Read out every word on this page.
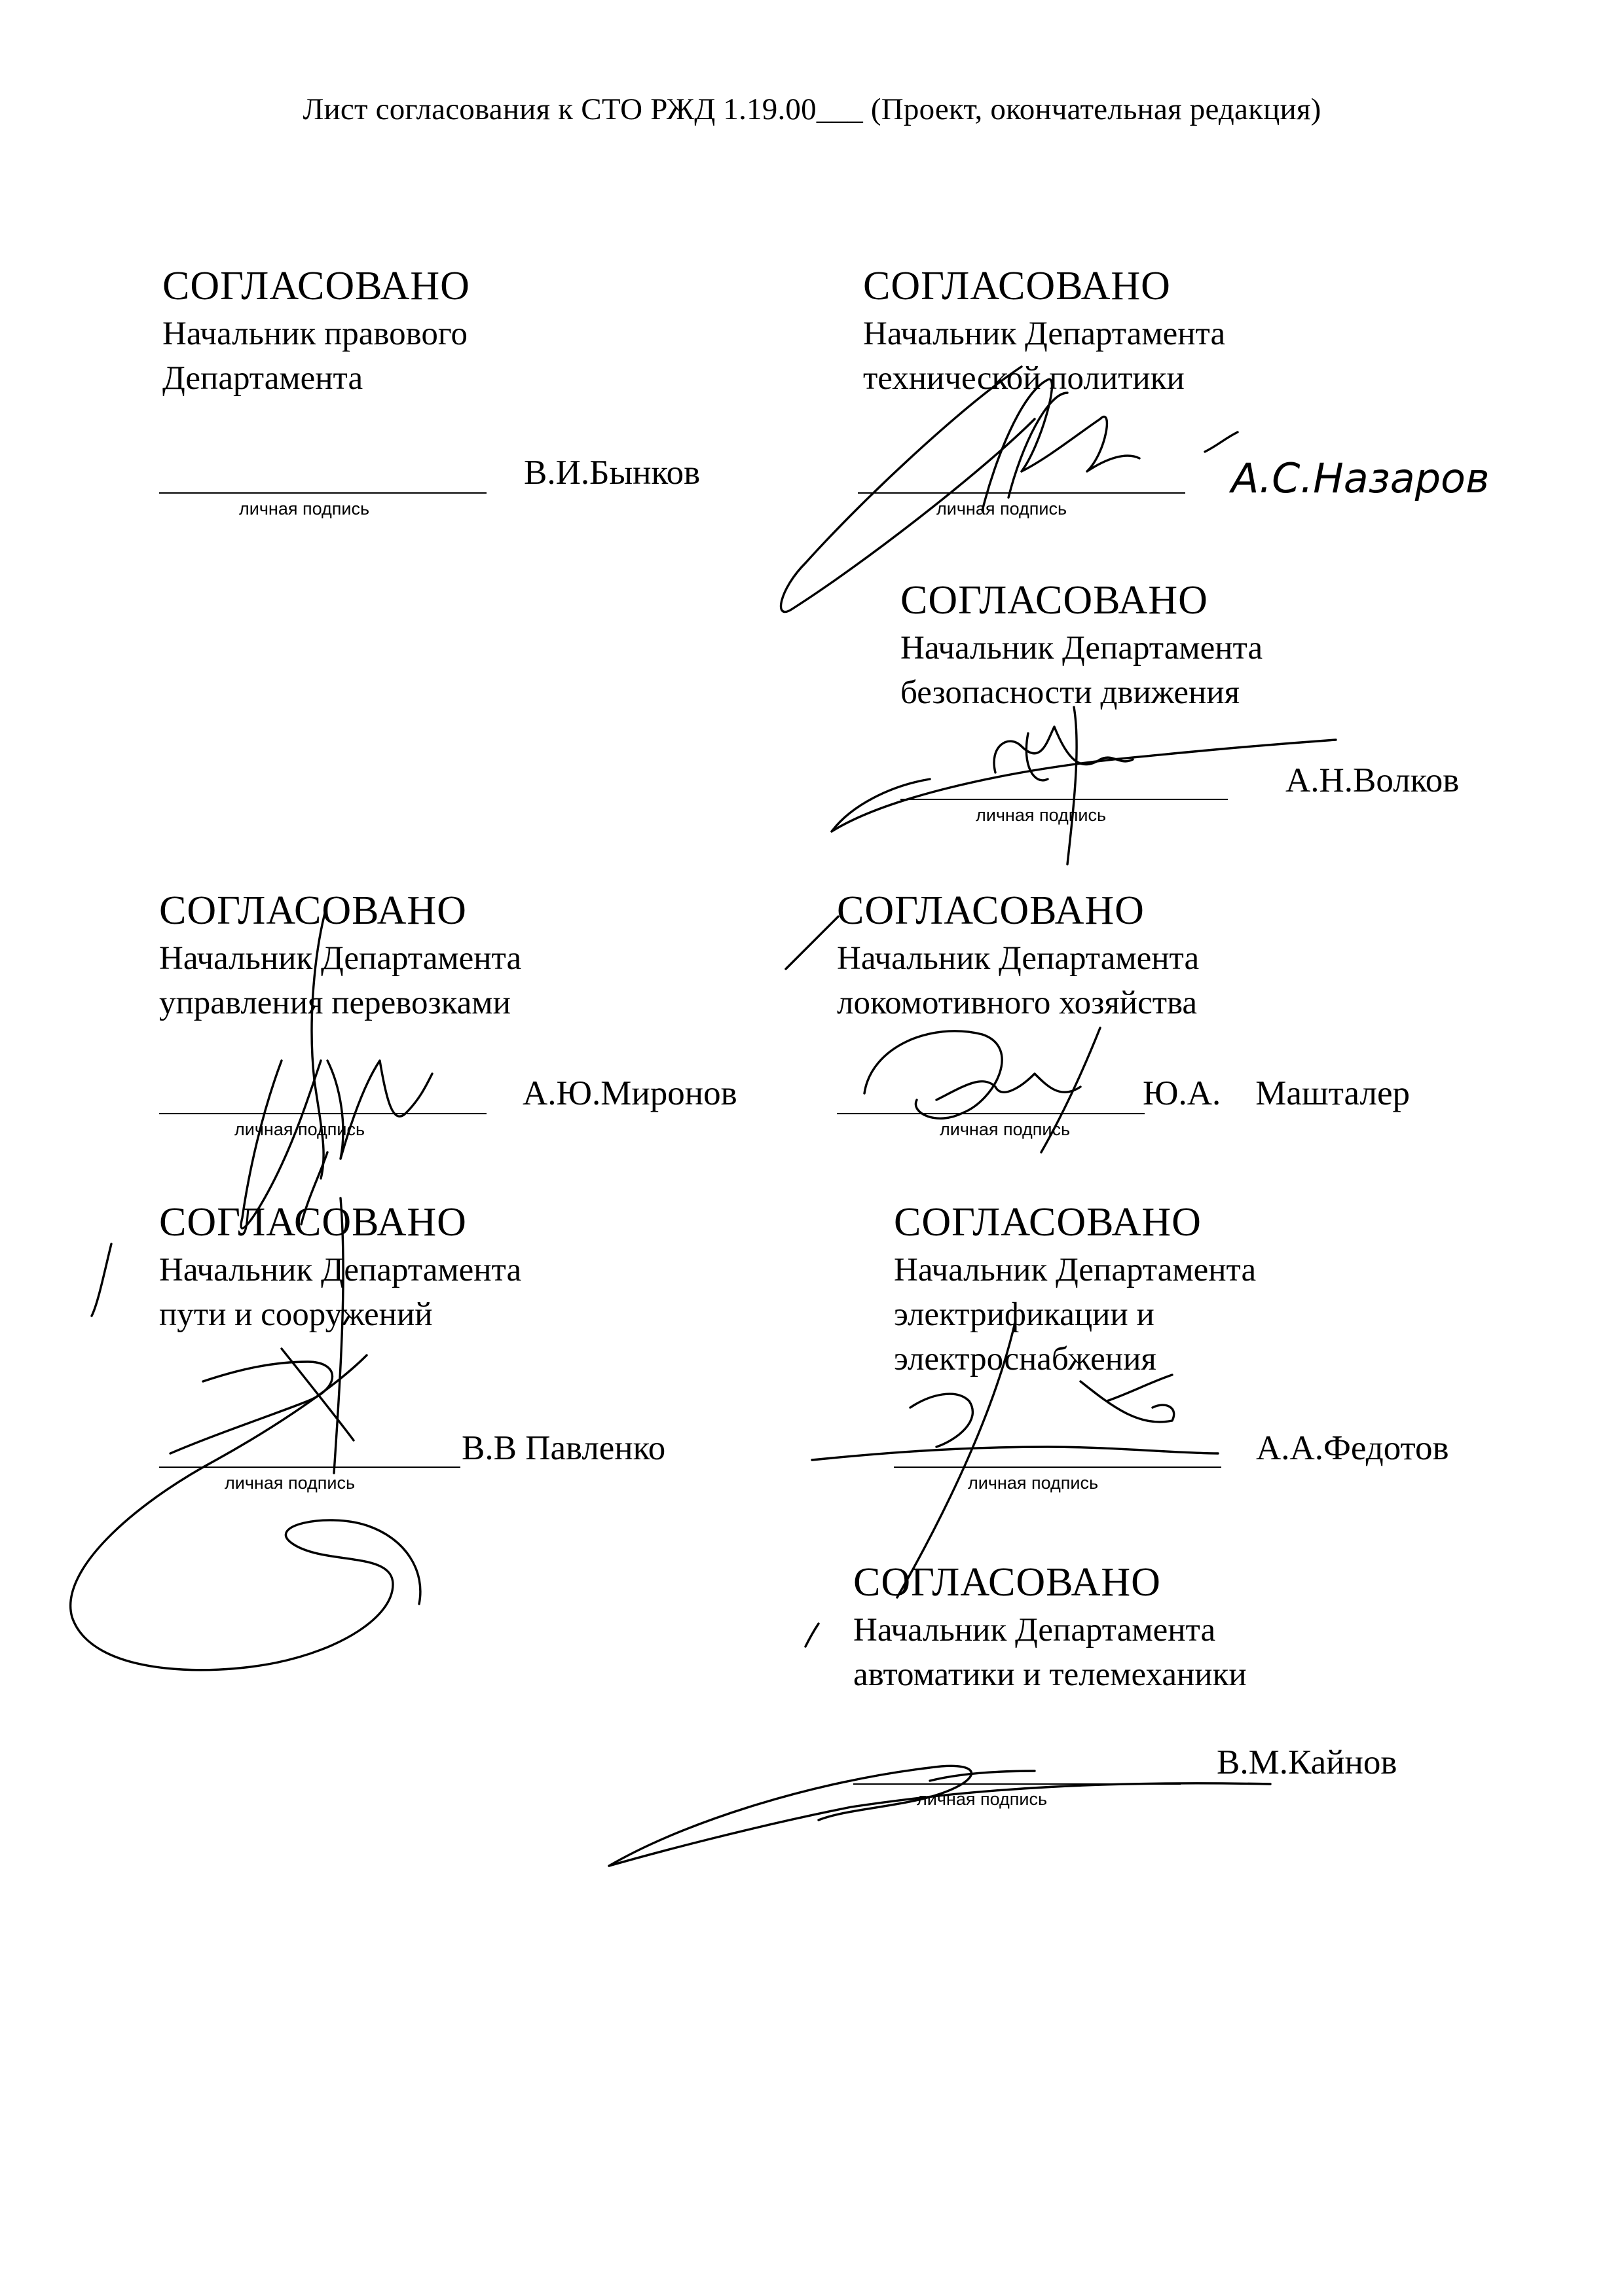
Лист согласования к СТО РЖД 1.19.00___ (Проект, окончательная редакция)
СОГЛАСОВАНО
Начальник правового
Департамента
личная подпись
В.И.Бынков
СОГЛАСОВАНО
Начальник Департамента
технической политики
личная подпись
СОГЛАСОВАНО
Начальник Департамента
безопасности движения
личная подпись
А.Н.Волков
СОГЛАСОВАНО
Начальник Департамента
управления перевозками
личная подпись
А.Ю.Миронов
СОГЛАСОВАНО
Начальник Департамента
локомотивного хозяйства
личная подпись
Ю.А.    Машталер
СОГЛАСОВАНО
Начальник Департамента
пути и сооружений
личная подпись
В.В Павленко
СОГЛАСОВАНО
Начальник Департамента
электрификации и
электроснабжения
личная подпись
А.А.Федотов
СОГЛАСОВАНО
Начальник Департамента
автоматики и телемеханики
личная подпись
В.М.Кайнов
А.С.Назаров
